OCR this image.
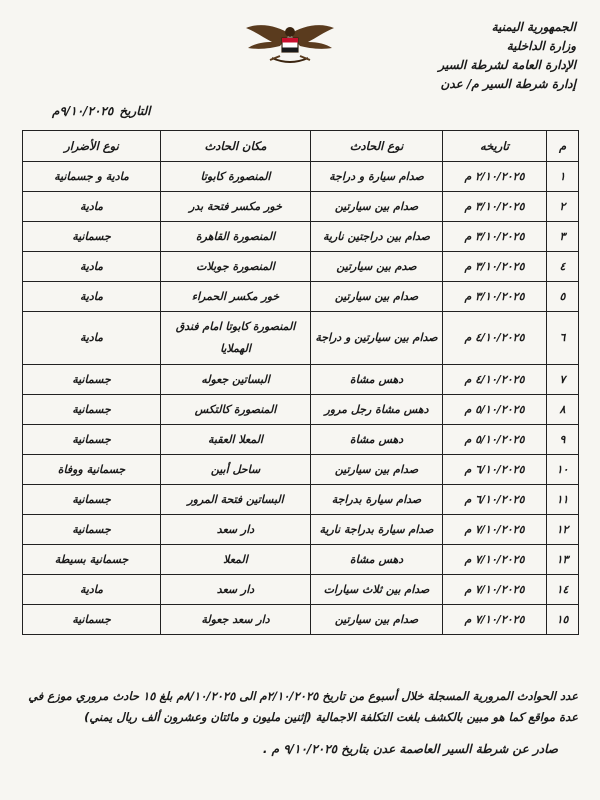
الجمهورية اليمنية
وزارة الداخلية
الإدارة العامة لشرطة السير
إدارة شرطة السير م/ عدن
التاريخ٩/١٠/٢٠٢٥م
م	تاريخه	نوع الحادث	مكان الحادث	نوع الأضرار
١	٢/١٠/٢٠٢٥ م	صدام سيارة و دراجة	المنصورة كابوتا	مادية و جسمانية
٢	٣/١٠/٢٠٢٥ م	صدام بين سيارتين	خور مكسر فتحة بدر	مادية
٣	٣/١٠/٢٠٢٥ م	صدام بين دراجتين نارية	المنصورة القاهرة	جسمانية
٤	٣/١٠/٢٠٢٥ م	صدم بين سيارتين	المنصورة جوبلات	مادية
٥	٣/١٠/٢٠٢٥ م	صدام بين سيارتين	خور مكسر الحمراء	مادية
٦	٤/١٠/٢٠٢٥ م	صدام بين سيارتين و دراجة	المنصورة كابوتا امام فندق الهملايا	مادية
٧	٤/١٠/٢٠٢٥ م	دهس مشاة	البساتين جعوله	جسمانية
٨	٥/١٠/٢٠٢٥ م	دهس مشاة رجل مرور	المنصورة كالتكس	جسمانية
٩	٥/١٠/٢٠٢٥ م	دهس مشاة	المعلا العقبة	جسمانية
١٠	٦/١٠/٢٠٢٥ م	صدام بين سيارتين	ساحل أبين	جسمانية ووفاة
١١	٦/١٠/٢٠٢٥ م	صدام سيارة بدراجة	البساتين فتحة المرور	جسمانية
١٢	٧/١٠/٢٠٢٥ م	صدام سيارة بدراجة نارية	دار سعد	جسمانية
١٣	٧/١٠/٢٠٢٥ م	دهس مشاة	المعلا	جسمانية بسيطة
١٤	٧/١٠/٢٠٢٥ م	صدام بين ثلاث سيارات	دار سعد	مادية
١٥	٧/١٠/٢٠٢٥ م	صدام بين سيارتين	دار سعد جعولة	جسمانية
عدد الحوادث المرورية المسجلة خلال أسبوع من تاريخ ٢/١٠/٢٠٢٥م الى ٨/١٠/٢٠٢٥م بلغ ١٥ حادث مروري موزع في عدة مواقع كما هو مبين بالكشف بلغت التكلفة الاجمالية (إثنين مليون و مائتان وعشرون ألف ريال يمني)
صادر عن شرطة السير العاصمة عدن بتاريخ ٩/١٠/٢٠٢٥ م .
